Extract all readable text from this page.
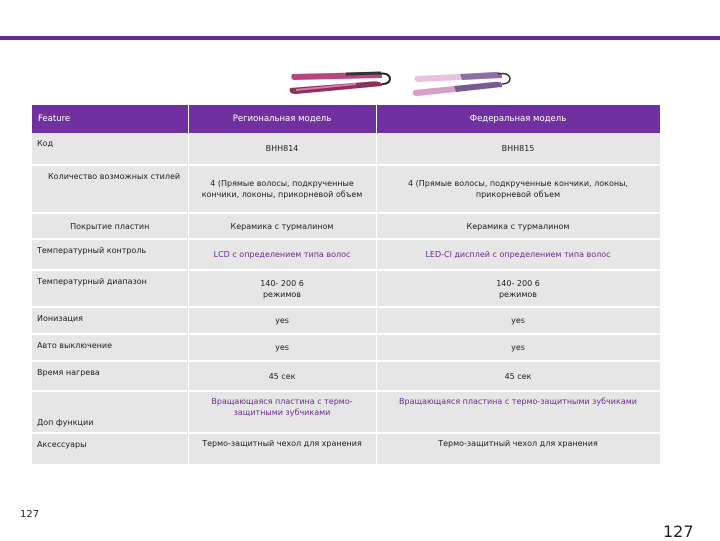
Feature	Региональная модель	Федеральная модель
Код	BHH814	BHH815
Количество возможных стилей	4 (Прямые волосы, подкрученные кончики, локоны, прикорневой объем	4 (Прямые волосы, подкрученные кончики, локоны, прикорневой объем
Покрытие пластин	Керамика с турмалином	Керамика с турмалином
Температурный контроль	LCD с определением типа волос	LED-Cl дисплей с определением типа волос
Температурный диапазон	140- 200 6 режимов	140- 200 6 режимов
Ионизация	yes	yes
Авто выключение	yes	yes
Время нагрева	45 сек	45 сек
Доп функции	Вращающаяся пластина с термо-защитными зубчиками	Вращающаяся пластина с термо-защитными зубчиками
Аксессуары	Термо-защитный чехол для хранения	Термо-защитный чехол для хранения
127
127
